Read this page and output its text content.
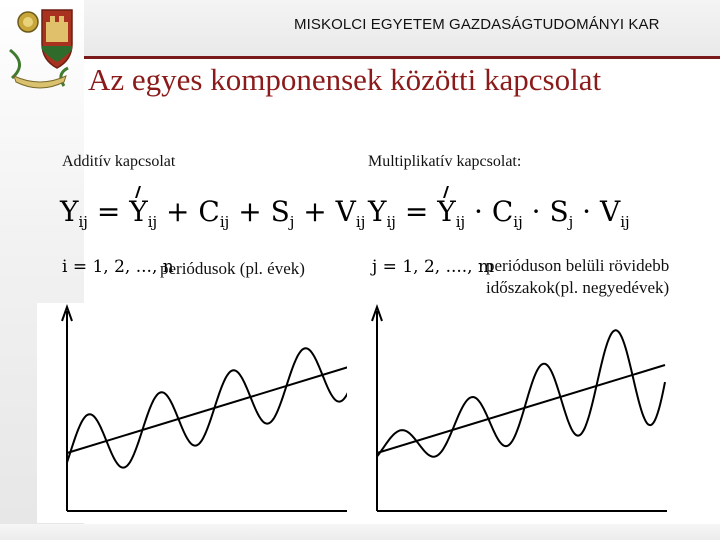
MISKOLCI EGYETEM GAZDASÁGTUDOMÁNYI KAR
Az egyes komponensek közötti kapcsolat
Additív kapcsolat	Multiplikatív kapcsolat:
$Y_{ij} = Y_{ij} + C_{ij} + S_j + V_{ij}$ $Y_{ij} = Y_{ij} \cdot C_{ij} \cdot S_j \cdot V_{ij}$
i = 1, 2, ..., n
periódusok (pl. évek)	j = 1, 2, ...., m
perióduson belüli rövidebb
időszakok(pl. negyedévek)
